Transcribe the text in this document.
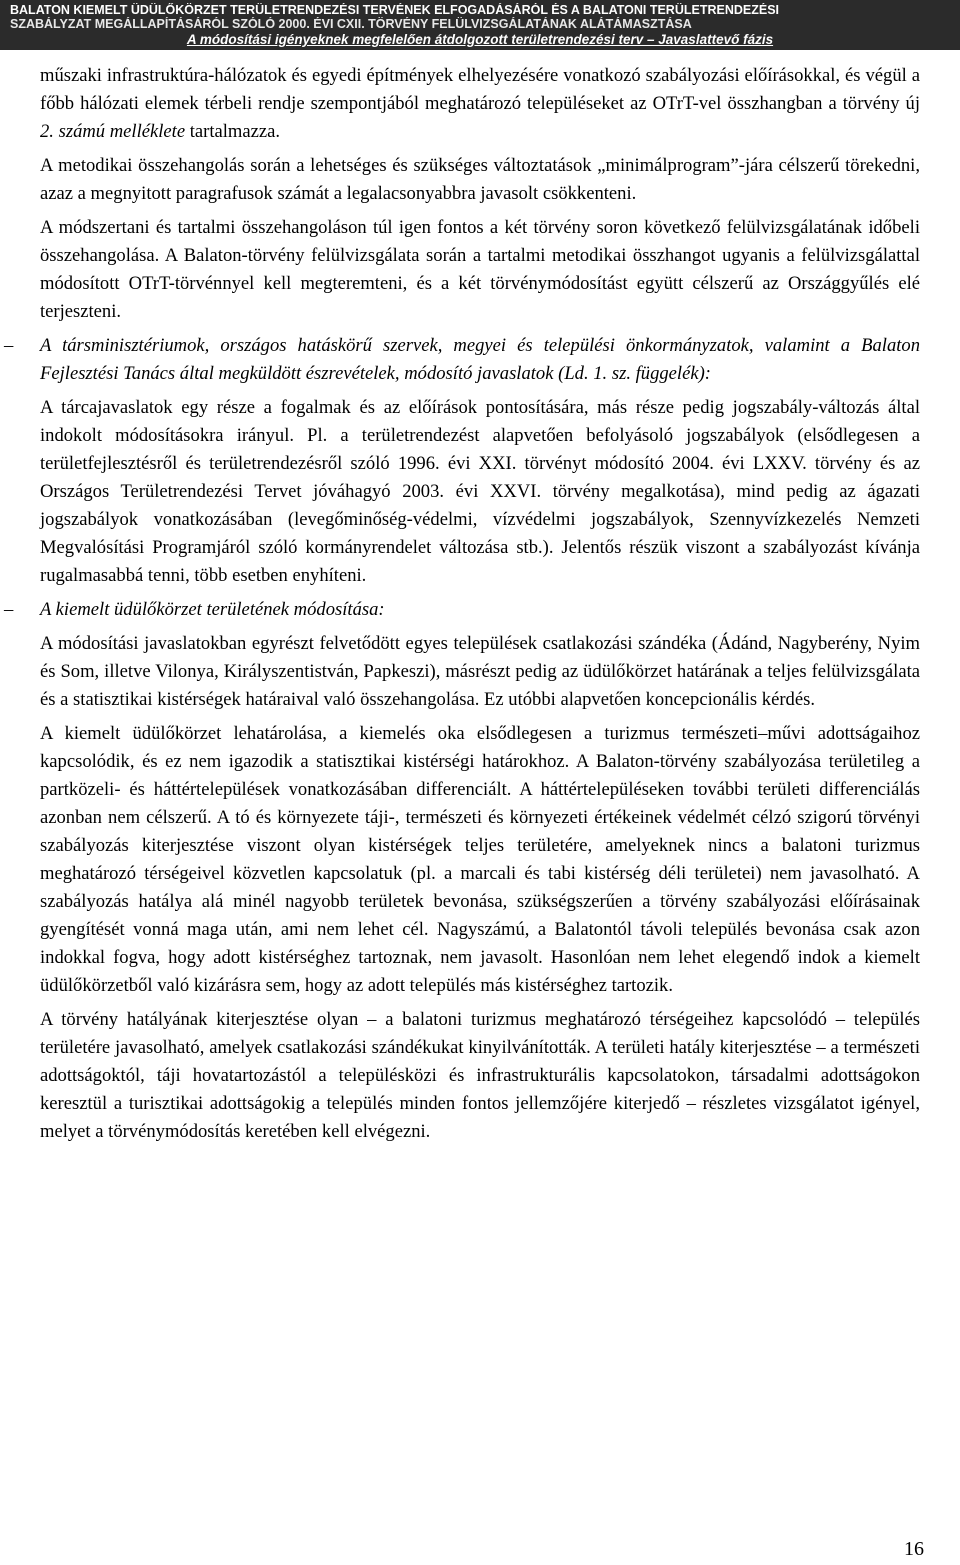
BALATON KIEMELT ÜDÜLŐKÖRZET TERÜLETRENDEZÉSI TERVÉNEK ELFOGADÁSÁRÓL ÉS A BALATONI TERÜLETRENDEZÉSI
SZABÁLYZAT MEGÁLLAPÍTÁSÁRÓL SZÓLÓ 2000. ÉVI CXII. TÖRVÉNY FELÜLVIZSGÁLATÁNAK ALÁTÁMASZTÁSA
A módosítási igényeknek megfelelően átdolgozott területrendezési terv – Javaslattevő fázis

műszaki infrastruktúra-hálózatok és egyedi építmények elhelyezésére vonatkozó szabályozási előírásokkal, és végül a főbb hálózati elemek térbeli rendje szempontjából meghatározó településeket az OTrT-vel összhangban a törvény új 2. számú melléklete tartalmazza.

A metodikai összehangolás során a lehetséges és szükséges változtatások „minimálprogram”-jára célszerű törekedni, azaz a megnyitott paragrafusok számát a legalacsonyabbra javasolt csökkenteni.

A módszertani és tartalmi összehangoláson túl igen fontos a két törvény soron következő felülvizsgálatának időbeli összehangolása. A Balaton-törvény felülvizsgálata során a tartalmi metodikai összhangot ugyanis a felülvizsgálattal módosított OTrT-törvénnyel kell megteremteni, és a két törvénymódosítást együtt célszerű az Országgyűlés elé terjeszteni.

– A társminisztériumok, országos hatáskörű szervek, megyei és települési önkormányzatok, valamint a Balaton Fejlesztési Tanács által megküldött észrevételek, módosító javaslatok (Ld. 1. sz. függelék):

A tárcajavaslatok egy része a fogalmak és az előírások pontosítására, más része pedig jogszabály-változás által indokolt módosításokra irányul. Pl. a területrendezést alapvetően befolyásoló jogszabályok (elsődlegesen a területfejlesztésről és területrendezésről szóló 1996. évi XXI. törvényt módosító 2004. évi LXXV. törvény és az Országos Területrendezési Tervet jóváhagyó 2003. évi XXVI. törvény megalkotása), mind pedig az ágazati jogszabályok vonatkozásában (levegőminőség-védelmi, vízvédelmi jogszabályok, Szennyvízkezelés Nemzeti Megvalósítási Programjáról szóló kormányrendelet változása stb.). Jelentős részük viszont a szabályozást kívánja rugalmasabbá tenni, több esetben enyhíteni.

– A kiemelt üdülőkörzet területének módosítása:

A módosítási javaslatokban egyrészt felvetődött egyes települések csatlakozási szándéka (Ádánd, Nagyberény, Nyim és Som, illetve Vilonya, Királyszentistván, Papkeszi), másrészt pedig az üdülőkörzet határának a teljes felülvizsgálata és a statisztikai kistérségek határaival való összehangolása. Ez utóbbi alapvetően koncepcionális kérdés.

A kiemelt üdülőkörzet lehatárolása, a kiemelés oka elsődlegesen a turizmus természeti–művi adottságaihoz kapcsolódik, és ez nem igazodik a statisztikai kistérségi határokhoz. A Balaton-törvény szabályozása területileg a partközeli- és háttértelepülések vonatkozásában differenciált. A háttértelepüléseken további területi differenciálás azonban nem célszerű. A tó és környezete táji-, természeti és környezeti értékeinek védelmét célzó szigorú törvényi szabályozás kiterjesztése viszont olyan kistérségek teljes területére, amelyeknek nincs a balatoni turizmus meghatározó térségeivel közvetlen kapcsolatuk (pl. a marcali és tabi kistérség déli területei) nem javasolható. A szabályozás hatálya alá minél nagyobb területek bevonása, szükségszerűen a törvény szabályozási előírásainak gyengítését vonná maga után, ami nem lehet cél. Nagyszámú, a Balatontól távoli település bevonása csak azon indokkal fogva, hogy adott kistérséghez tartoznak, nem javasolt. Hasonlóan nem lehet elegendő indok a kiemelt üdülőkörzetből való kizárásra sem, hogy az adott település más kistérséghez tartozik.

A törvény hatályának kiterjesztése olyan – a balatoni turizmus meghatározó térségeihez kapcsolódó – település területére javasolható, amelyek csatlakozási szándékukat kinyilvánították. A területi hatály kiterjesztése – a természeti adottságoktól, táji hovatartozástól a településközi és infrastrukturális kapcsolatokon, társadalmi adottságokon keresztül a turisztikai adottságokig a település minden fontos jellemzőjére kiterjedő – részletes vizsgálatot igényel, melyet a törvénymódosítás keretében kell elvégezni.

16
